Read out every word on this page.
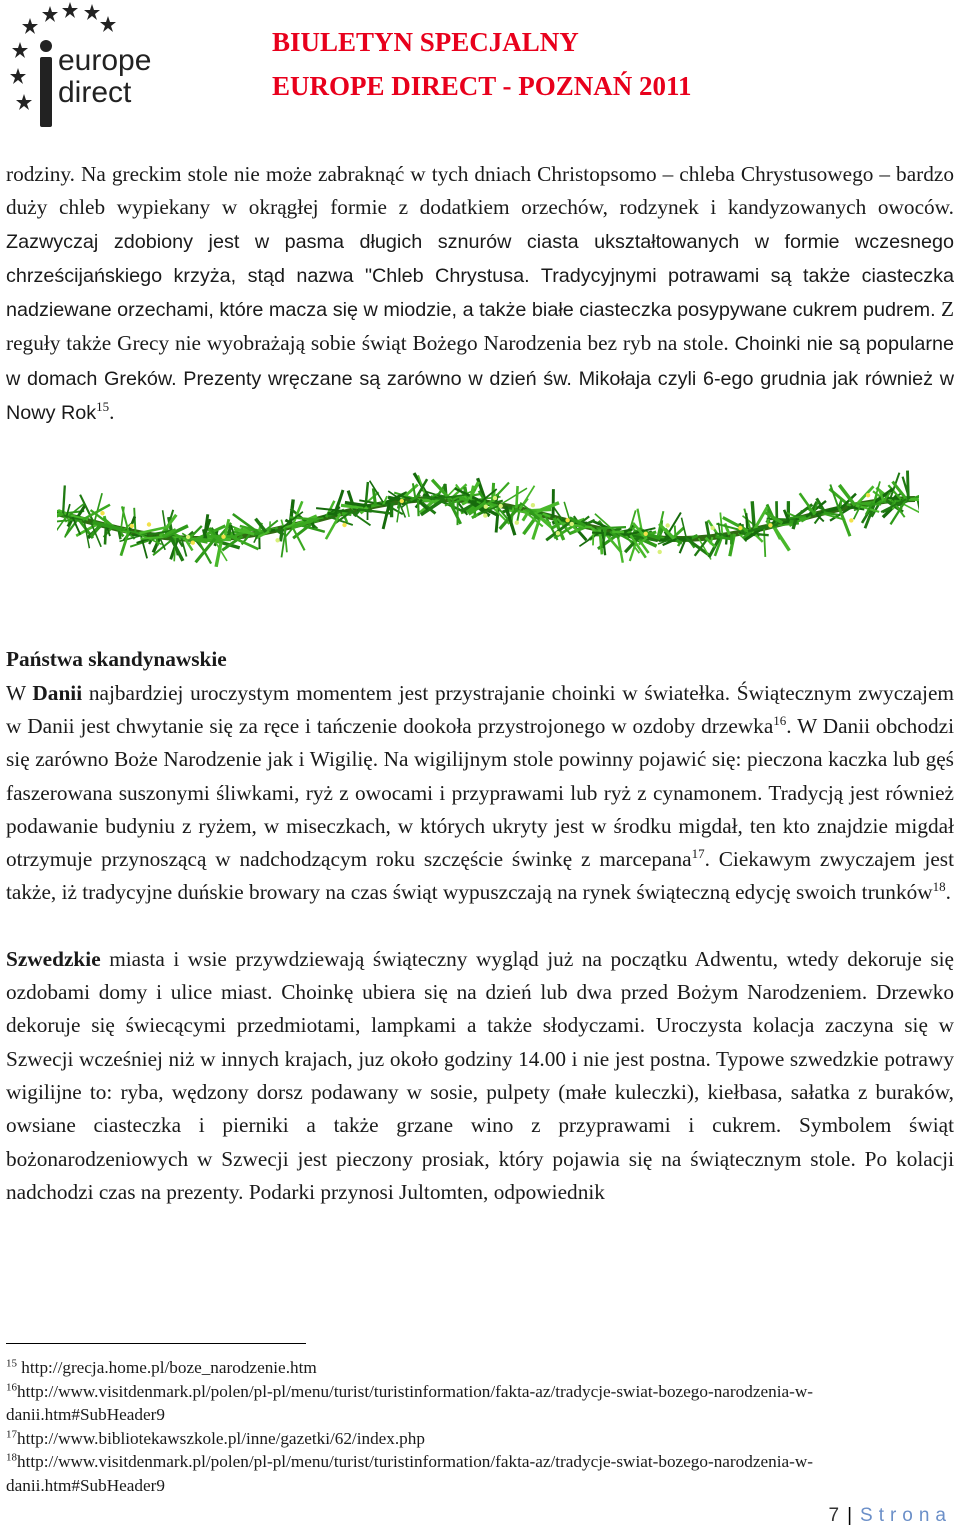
europe
direct
BIULETYN SPECJALNY
EUROPE DIRECT - POZNAŃ 2011

rodziny. Na greckim stole nie może zabraknąć w tych dniach Christopsomo – chleba Chrystusowego – bardzo duży chleb wypiekany w okrągłej formie z dodatkiem orzechów, rodzynek i kandyzowanych owoców. Zazwyczaj zdobiony jest w pasma długich sznurów ciasta ukształtowanych w formie wczesnego chrześcijańskiego krzyża, stąd nazwa "Chleb Chrystusa. Tradycyjnymi potrawami są także ciasteczka nadziewane orzechami, które macza się w miodzie, a także białe ciasteczka posypywane cukrem pudrem. Z reguły także Grecy nie wyobrażają sobie świąt Bożego Narodzenia bez ryb na stole. Choinki nie są popularne w domach Greków. Prezenty wręczane są zarówno w dzień św. Mikołaja czyli 6-ego grudnia jak również w Nowy Rok$^{15}$.

Państwa skandynawskie
W Danii najbardziej uroczystym momentem jest przystrajanie choinki w światełka. Świątecznym zwyczajem w Danii jest chwytanie się za ręce i tańczenie dookoła przystrojonego w ozdoby drzewka$^{16}$. W Danii obchodzi się zarówno Boże Narodzenie jak i Wigilię. Na wigilijnym stole powinny pojawić się: pieczona kaczka lub gęś faszerowana suszonymi śliwkami, ryż z owocami i przyprawami lub ryż z cynamonem. Tradycją jest również podawanie budyniu z ryżem, w miseczkach, w których ukryty jest w środku migdał, ten kto znajdzie migdał otrzymuje przynoszącą w nadchodzącym roku szczęście świnkę z marcepana$^{17}$. Ciekawym zwyczajem jest także, iż tradycyjne duńskie browary na czas świąt wypuszczają na rynek świąteczną edycję swoich trunków$^{18}$.

Szwedzkie miasta i wsie przywdziewają świąteczny wygląd już na początku Adwentu, wtedy dekoruje się ozdobami domy i ulice miast. Choinkę ubiera się na dzień lub dwa przed Bożym Narodzeniem. Drzewko dekoruje się świecącymi przedmiotami, lampkami a także słodyczami. Uroczysta kolacja zaczyna się w Szwecji wcześniej niż w innych krajach, juz około godziny 14.00 i nie jest postna. Typowe szwedzkie potrawy wigilijne to: ryba, wędzony dorsz podawany w sosie, pulpety (małe kuleczki), kiełbasa, sałatka z buraków, owsiane ciasteczka i pierniki a także grzane wino z przyprawami i cukrem. Symbolem świąt bożonarodzeniowych w Szwecji jest pieczony prosiak, który pojawia się na świątecznym stole. Po kolacji nadchodzi czas na prezenty. Podarki przynosi Jultomten, odpowiednik

$^{15}$ http://grecja.home.pl/boze_narodzenie.htm
$^{16}$http://www.visitdenmark.pl/polen/pl-pl/menu/turist/turistinformation/fakta-az/tradycje-swiat-bozego-narodzenia-w-danii.htm#SubHeader9
$^{17}$http://www.bibliotekawszkole.pl/inne/gazetki/62/index.php
$^{18}$http://www.visitdenmark.pl/polen/pl-pl/menu/turist/turistinformation/fakta-az/tradycje-swiat-bozego-narodzenia-w-danii.htm#SubHeader9
7 | Strona
